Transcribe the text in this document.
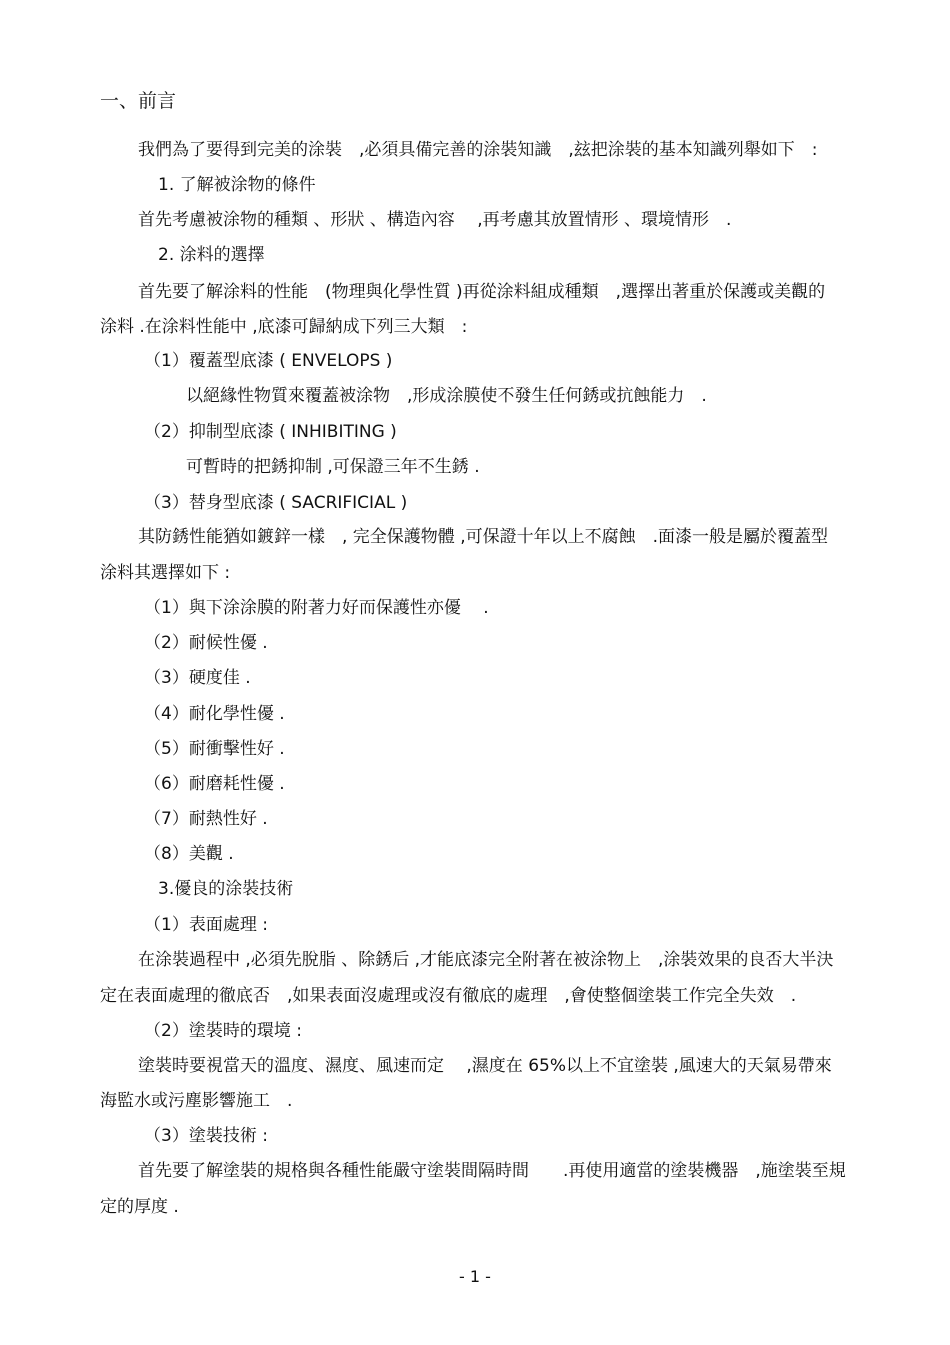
一、前言
我們為了要得到完美的涂裝　,必須具備完善的涂裝知識　,玆把涂裝的基本知識列舉如下　:
1. 了解被涂物的條件
首先考慮被涂物的種類 、形狀 、構造內容　 ,再考慮其放置情形 、環境情形　.
2. 涂料的選擇
首先要了解涂料的性能　(物理與化學性質 )再從涂料組成種類　,選擇出著重於保護或美觀的
涂料 .在涂料性能中 ,底漆可歸納成下列三大類　:
（1）覆蓋型底漆 ( ENVELOPS )
以絕緣性物質來覆蓋被涂物　,形成涂膜使不發生任何銹或抗蝕能力　.
（2）抑制型底漆 ( INHIBITING )
可暫時的把銹抑制 ,可保證三年不生銹 .
（3）替身型底漆 ( SACRIFICIAL )
其防銹性能猶如鍍鋅一樣　, 完全保護物體 ,可保證十年以上不腐蝕　.面漆一般是屬於覆蓋型
涂料其選擇如下 :
（1）與下涂涂膜的附著力好而保護性亦優　 .
（2）耐候性優 .
（3）硬度佳 .
（4）耐化學性優 .
（5）耐衝擊性好 .
（6）耐磨耗性優 .
（7）耐熱性好 .
（8）美觀 .
3.優良的涂裝技術
（1）表面處理 :
在涂裝過程中 ,必須先脫脂 、除銹后 ,才能底漆完全附著在被涂物上　,涂裝效果的良否大半決
定在表面處理的徹底否　,如果表面沒處理或沒有徹底的處理　,會使整個塗裝工作完全失效　.
（2）塗裝時的環境 :
塗裝時要視當天的溫度、濕度、風速而定　 ,濕度在 65%以上不宜塗裝 ,風速大的天氣易帶來
海監水或污塵影響施工　.
（3）塗裝技術 :
首先要了解塗裝的規格與各種性能嚴守塗裝間隔時間　　.再使用適當的塗裝機器　,施塗裝至規
定的厚度 .
- 1 -
